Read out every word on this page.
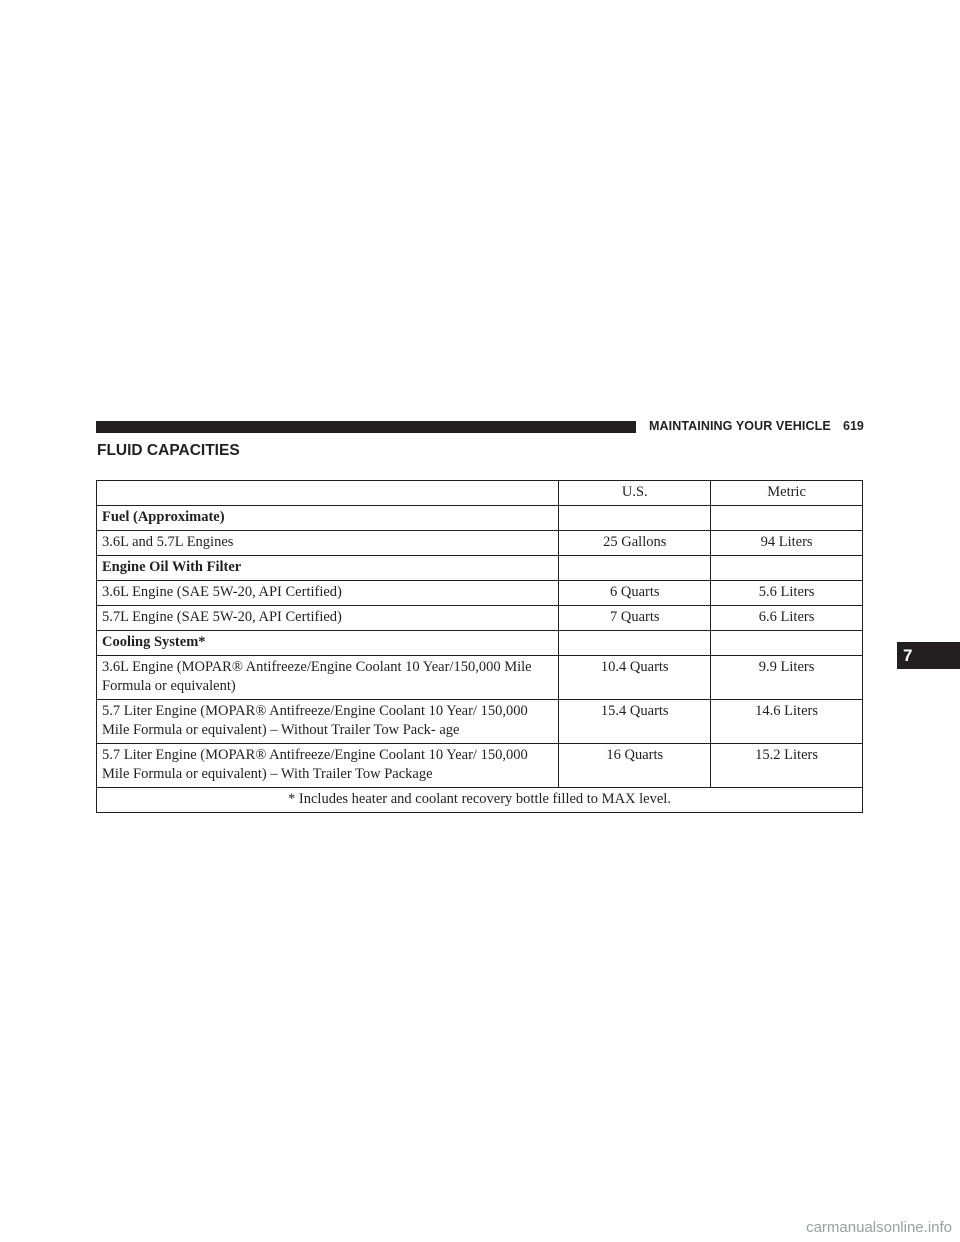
MAINTAINING YOUR VEHICLE 619
FLUID CAPACITIES
	U.S.	Metric
Fuel (Approximate)		
3.6L and 5.7L Engines	25 Gallons	94 Liters
Engine Oil With Filter		
3.6L Engine (SAE 5W-20, API Certified)	6 Quarts	5.6 Liters
5.7L Engine (SAE 5W-20, API Certified)	7 Quarts	6.6 Liters
Cooling System*		
3.6L Engine (MOPAR® Antifreeze/Engine Coolant 10 Year/150,000 Mile Formula or equivalent)	10.4 Quarts	9.9 Liters
5.7 Liter Engine (MOPAR® Antifreeze/Engine Coolant 10 Year/ 150,000 Mile Formula or equivalent) – Without Trailer Tow Pack- age	15.4 Quarts	14.6 Liters
5.7 Liter Engine (MOPAR® Antifreeze/Engine Coolant 10 Year/ 150,000 Mile Formula or equivalent) – With Trailer Tow Package	16 Quarts	15.2 Liters
* Includes heater and coolant recovery bottle filled to MAX level.		
7
carmanualsonline.info
